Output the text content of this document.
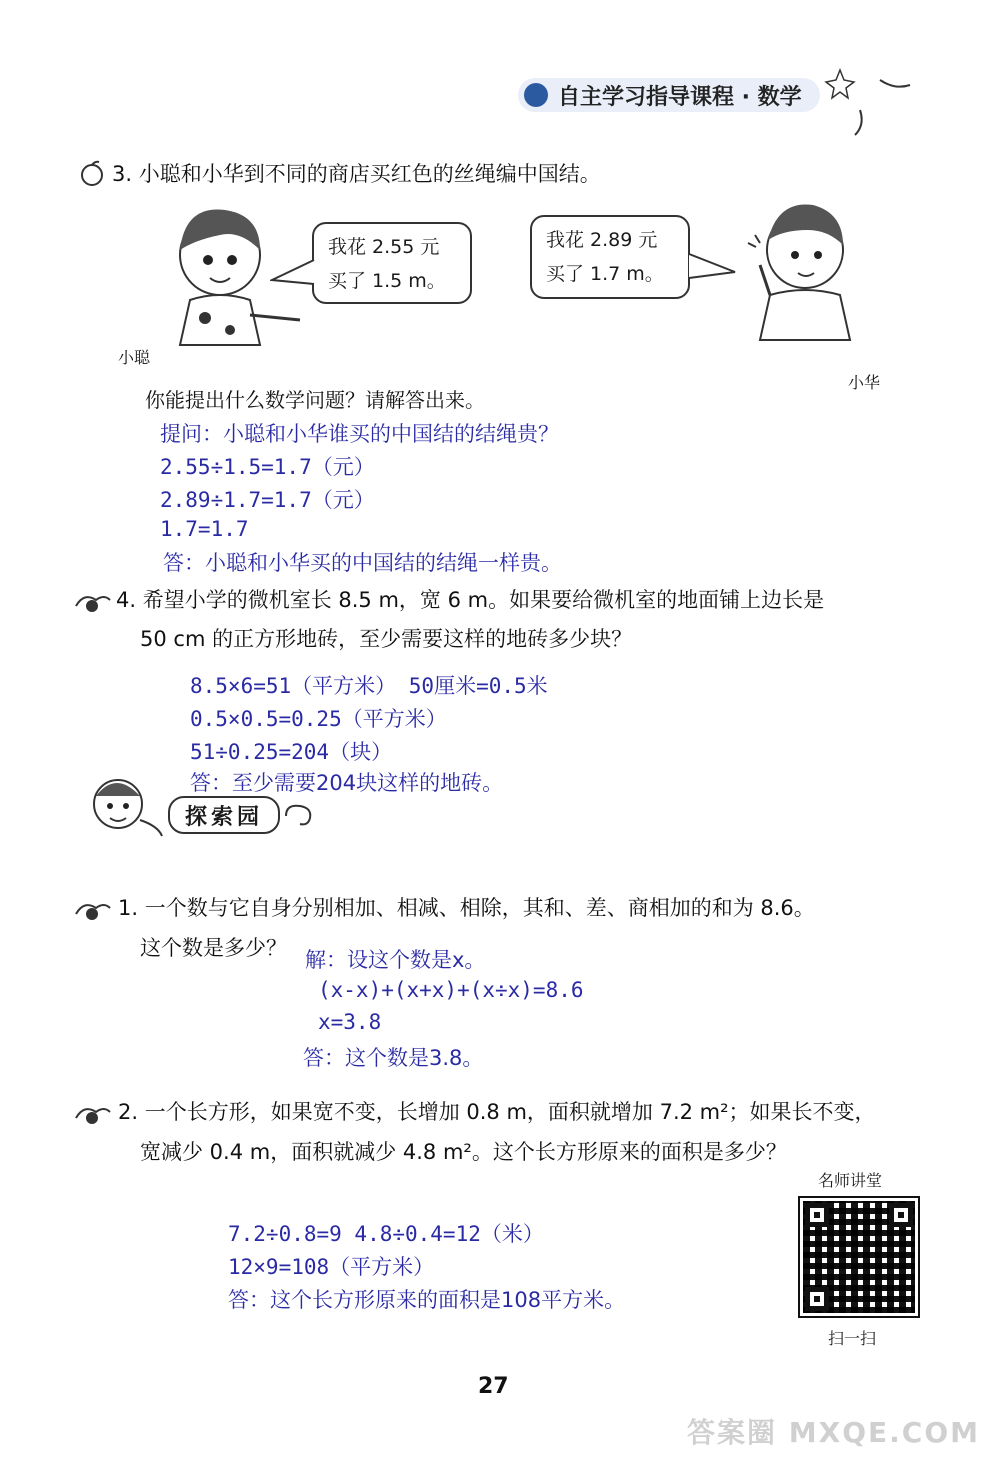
自主学习指导课程 · 数学
3. 小聪和小华到不同的商店买红色的丝绳编中国结。
小聪
我花 2.55 元
买了 1.5 m。
我花 2.89 元
买了 1.7 m。
小华
你能提出什么数学问题？请解答出来。
提问：小聪和小华谁买的中国结的结绳贵？
2.55÷1.5=1.7（元）
2.89÷1.7=1.7（元）
1.7=1.7
答：小聪和小华买的中国结的结绳一样贵。
4. 希望小学的微机室长 8.5 m，宽 6 m。如果要给微机室的地面铺上边长是
50 cm 的正方形地砖，至少需要这样的地砖多少块？
8.5×6=51（平方米） 50厘米=0.5米
0.5×0.5=0.25（平方米）
51÷0.25=204（块）
答：至少需要204块这样的地砖。
探索园
1. 一个数与它自身分别相加、相减、相除，其和、差、商相加的和为 8.6。
这个数是多少？ 解：设这个数是x。
(x-x)+(x+x)+(x÷x)=8.6
x=3.8
答：这个数是3.8。
2. 一个长方形，如果宽不变，长增加 0.8 m，面积就增加 7.2 m²；如果长不变，
宽减少 0.4 m，面积就减少 4.8 m²。这个长方形原来的面积是多少？
7.2÷0.8=9 4.8÷0.4=12（米）
12×9=108（平方米）
答：这个长方形原来的面积是108平方米。
名师讲堂
扫一扫
27
答案圈 MXQE.COM
